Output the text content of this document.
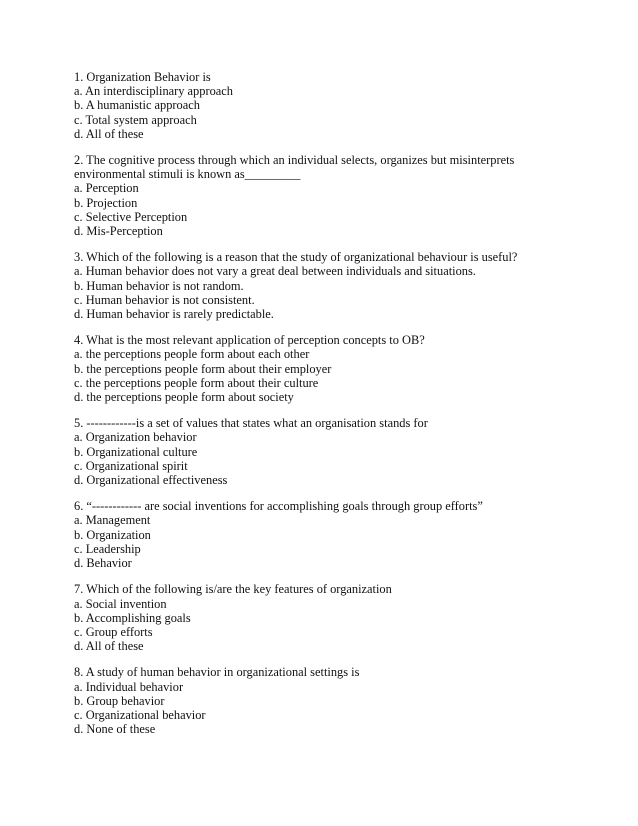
1. Organization Behavior is

a. An interdisciplinary approach

b. A humanistic approach

c. Total system approach

d. All of these

2. The cognitive process through which an individual selects, organizes but misinterprets

environmental stimuli is known as_________

a. Perception

b. Projection

c. Selective Perception

d. Mis-Perception

3. Which of the following is a reason that the study of organizational behaviour is useful?

a. Human behavior does not vary a great deal between individuals and situations.

b. Human behavior is not random.

c. Human behavior is not consistent.

d. Human behavior is rarely predictable.

4. What is the most relevant application of perception concepts to OB?

a. the perceptions people form about each other

b. the perceptions people form about their employer

c. the perceptions people form about their culture

d. the perceptions people form about society

5. ------------is a set of values that states what an organisation stands for

a. Organization behavior

b. Organizational culture

c. Organizational spirit

d. Organizational effectiveness

6. “------------ are social inventions for accomplishing goals through group efforts”

a. Management

b. Organization

c. Leadership

d. Behavior

7. Which of the following is/are the key features of organization

a. Social invention

b. Accomplishing goals

c. Group efforts

d. All of these

8. A study of human behavior in organizational settings is

a. Individual behavior

b. Group behavior

c. Organizational behavior

d. None of these
